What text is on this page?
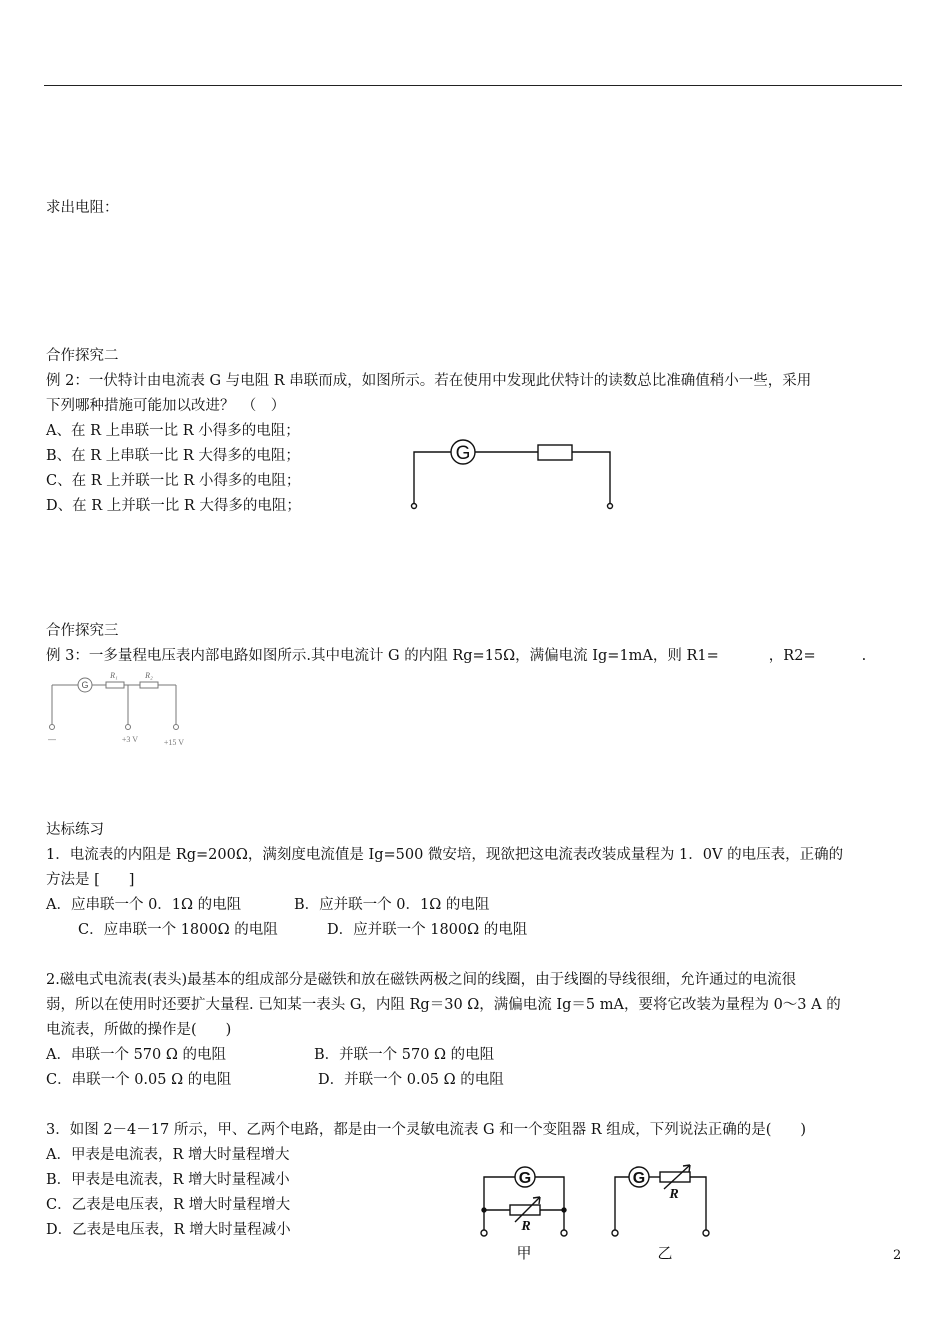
求出电阻：
合作探究二
例 2：一伏特计由电流表 G 与电阻 R 串联而成，如图所示。若在使用中发现此伏特计的读数总比准确值稍小一些，采用
下列哪种措施可能加以改进？　（　）
A、在 R 上串联一比 R 小得多的电阻；
B、在 R 上串联一比 R 大得多的电阻；
C、在 R 上并联一比 R 小得多的电阻；
D、在 R 上并联一比 R 大得多的电阻；
G
合作探究三
例 3：一多量程电压表内部电路如图所示.其中电流计 G 的内阻 Rg=15Ω，满偏电流 Ig=1mA，则 R1=	，R2=	.
G
R₁	R₂
—	+3 V	+15 V
达标练习
1．电流表的内阻是 Rg=200Ω，满刻度电流值是 Ig=500 微安培，现欲把这电流表改装成量程为 1．0V 的电压表，正确的
方法是 [　　]
A．应串联一个 0．1Ω 的电阻	B．应并联一个 0．1Ω 的电阻
C．应串联一个 1800Ω 的电阻	D．应并联一个 1800Ω 的电阻
2.磁电式电流表(表头)最基本的组成部分是磁铁和放在磁铁两极之间的线圈，由于线圈的导线很细，允许通过的电流很
弱，所以在使用时还要扩大量程. 已知某一表头 G，内阻 Rg＝30 Ω，满偏电流 Ig＝5 mA，要将它改装为量程为 0～3 A 的
电流表，所做的操作是(　　)
A．串联一个 570 Ω 的电阻	B．并联一个 570 Ω 的电阻
C．串联一个 0.05 Ω 的电阻	D．并联一个 0.05 Ω 的电阻
3．如图 2－4－17 所示，甲、乙两个电路，都是由一个灵敏电流表 G 和一个变阻器 R 组成，下列说法正确的是(　　)
A．甲表是电流表，R 增大时量程增大
B．甲表是电流表，R 增大时量程减小
C．乙表是电压表，R 增大时量程增大
D．乙表是电压表，R 增大时量程减小
G
R
甲
G
R
乙	2
